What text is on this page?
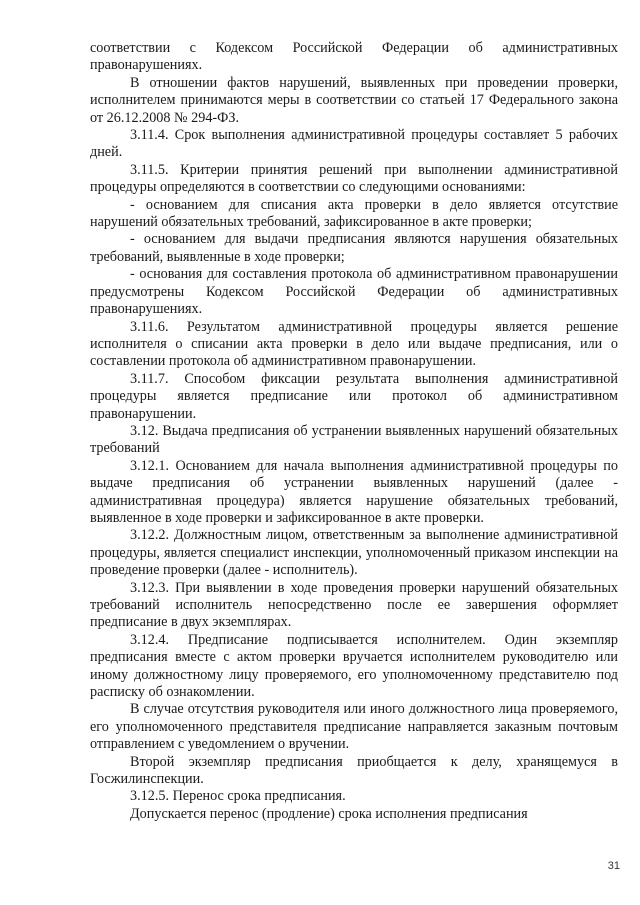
соответствии с Кодексом Российской Федерации об административных правонарушениях.

В отношении фактов нарушений, выявленных при проведении проверки, исполнителем принимаются меры в соответствии со статьей 17 Федерального закона от 26.12.2008 № 294-ФЗ.

3.11.4. Срок выполнения административной процедуры составляет 5 рабочих дней.

3.11.5. Критерии принятия решений при выполнении административной процедуры определяются в соответствии со следующими основаниями:

- основанием для списания акта проверки в дело является отсутствие нарушений обязательных требований, зафиксированное в акте проверки;

- основанием для выдачи предписания являются нарушения обязательных требований, выявленные в ходе проверки;

- основания для составления протокола об административном правонарушении предусмотрены Кодексом Российской Федерации об административных правонарушениях.

3.11.6. Результатом административной процедуры является решение исполнителя о списании акта проверки в дело или выдаче предписания, или о составлении протокола об административном правонарушении.

3.11.7. Способом фиксации результата выполнения административной процедуры является предписание или протокол об административном правонарушении.

3.12. Выдача предписания об устранении выявленных нарушений обязательных требований

3.12.1. Основанием для начала выполнения административной процедуры по выдаче предписания об устранении выявленных нарушений (далее - административная процедура) является нарушение обязательных требований, выявленное в ходе проверки и зафиксированное в акте проверки.

3.12.2. Должностным лицом, ответственным за выполнение административной процедуры, является специалист инспекции, уполномоченный приказом инспекции на проведение проверки (далее - исполнитель).

3.12.3. При выявлении в ходе проведения проверки нарушений обязательных требований исполнитель непосредственно после ее завершения оформляет предписание в двух экземплярах.

3.12.4. Предписание подписывается исполнителем. Один экземпляр предписания вместе с актом проверки вручается исполнителем руководителю или иному должностному лицу проверяемого, его уполномоченному представителю под расписку об ознакомлении.

В случае отсутствия руководителя или иного должностного лица проверяемого, его уполномоченного представителя предписание направляется заказным почтовым отправлением с уведомлением о вручении.

Второй экземпляр предписания приобщается к делу, хранящемуся в Госжилинспекции.

3.12.5. Перенос срока предписания.

Допускается перенос (продление) срока исполнения предписания

31
